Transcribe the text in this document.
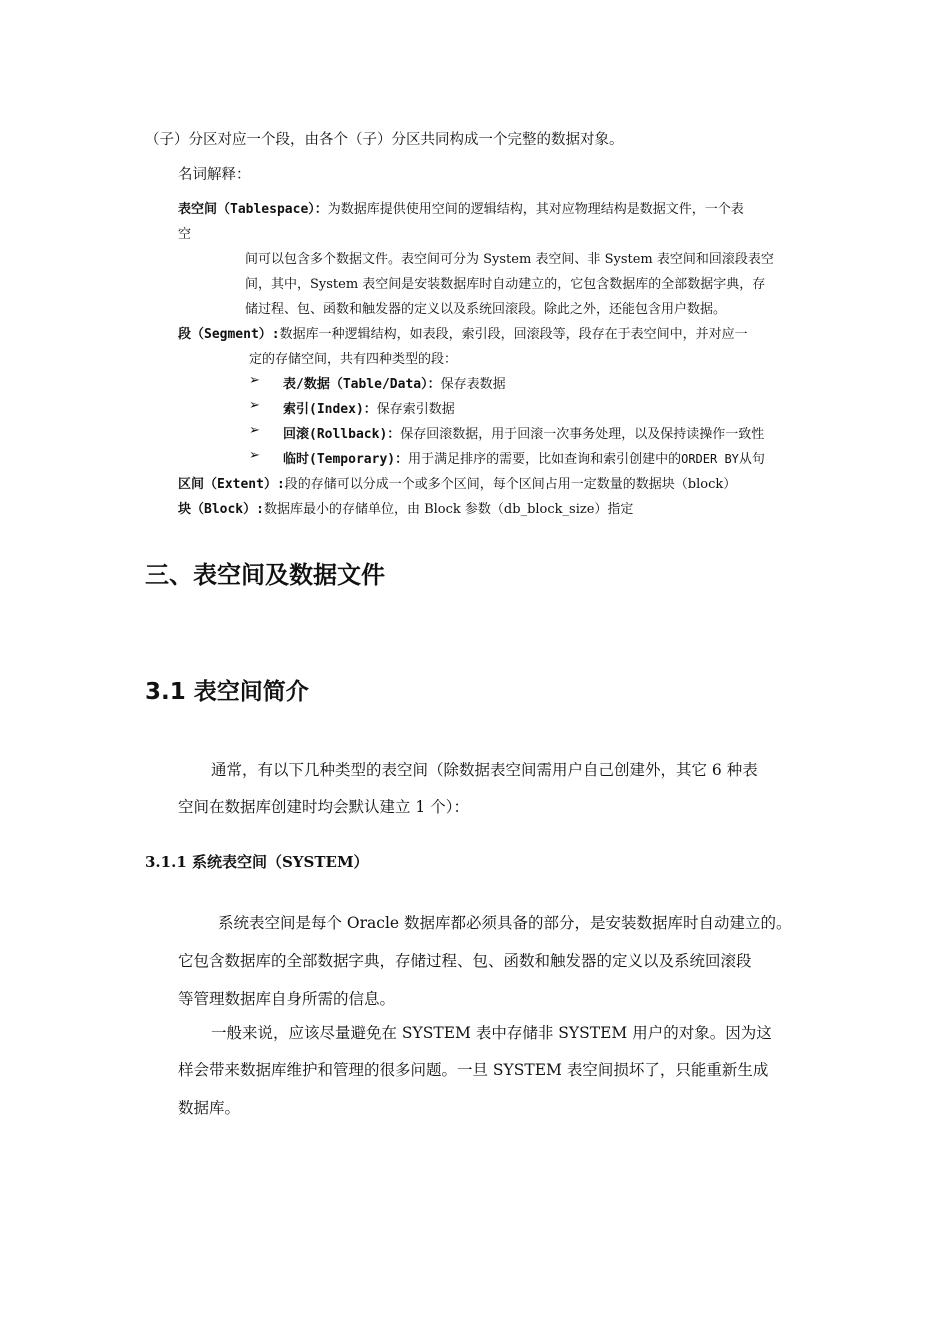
（子）分区对应一个段，由各个（子）分区共同构成一个完整的数据对象。
名词解释：
表空间（Tablespace）：为数据库提供使用空间的逻辑结构，其对应物理结构是数据文件，一个表
空
间可以包含多个数据文件。表空间可分为 System 表空间、非 System 表空间和回滚段表空
间，其中，System 表空间是安装数据库时自动建立的，它包含数据库的全部数据字典，存
储过程、包、函数和触发器的定义以及系统回滚段。除此之外，还能包含用户数据。
段（Segment）:数据库一种逻辑结构，如表段，索引段，回滚段等，段存在于表空间中，并对应一
定的存储空间，共有四种类型的段：
➢ 表/数据（Table/Data）：保存表数据
➢ 索引(Index)：保存索引数据
➢ 回滚(Rollback)：保存回滚数据，用于回滚一次事务处理，以及保持读操作一致性
➢ 临时(Temporary)：用于满足排序的需要，比如查询和索引创建中的ORDER BY从句
区间（Extent）:段的存储可以分成一个或多个区间，每个区间占用一定数量的数据块（block）
块（Block）:数据库最小的存储单位，由 Block 参数（db_block_size）指定
三、表空间及数据文件
3.1 表空间简介
通常，有以下几种类型的表空间（除数据表空间需用户自己创建外，其它 6 种表
空间在数据库创建时均会默认建立 1 个）：
3.1.1 系统表空间（SYSTEM）
系统表空间是每个 Oracle 数据库都必须具备的部分，是安装数据库时自动建立的。
它包含数据库的全部数据字典，存储过程、包、函数和触发器的定义以及系统回滚段
等管理数据库自身所需的信息。
一般来说，应该尽量避免在 SYSTEM 表中存储非 SYSTEM 用户的对象。因为这
样会带来数据库维护和管理的很多问题。一旦 SYSTEM 表空间损坏了，只能重新生成
数据库。
